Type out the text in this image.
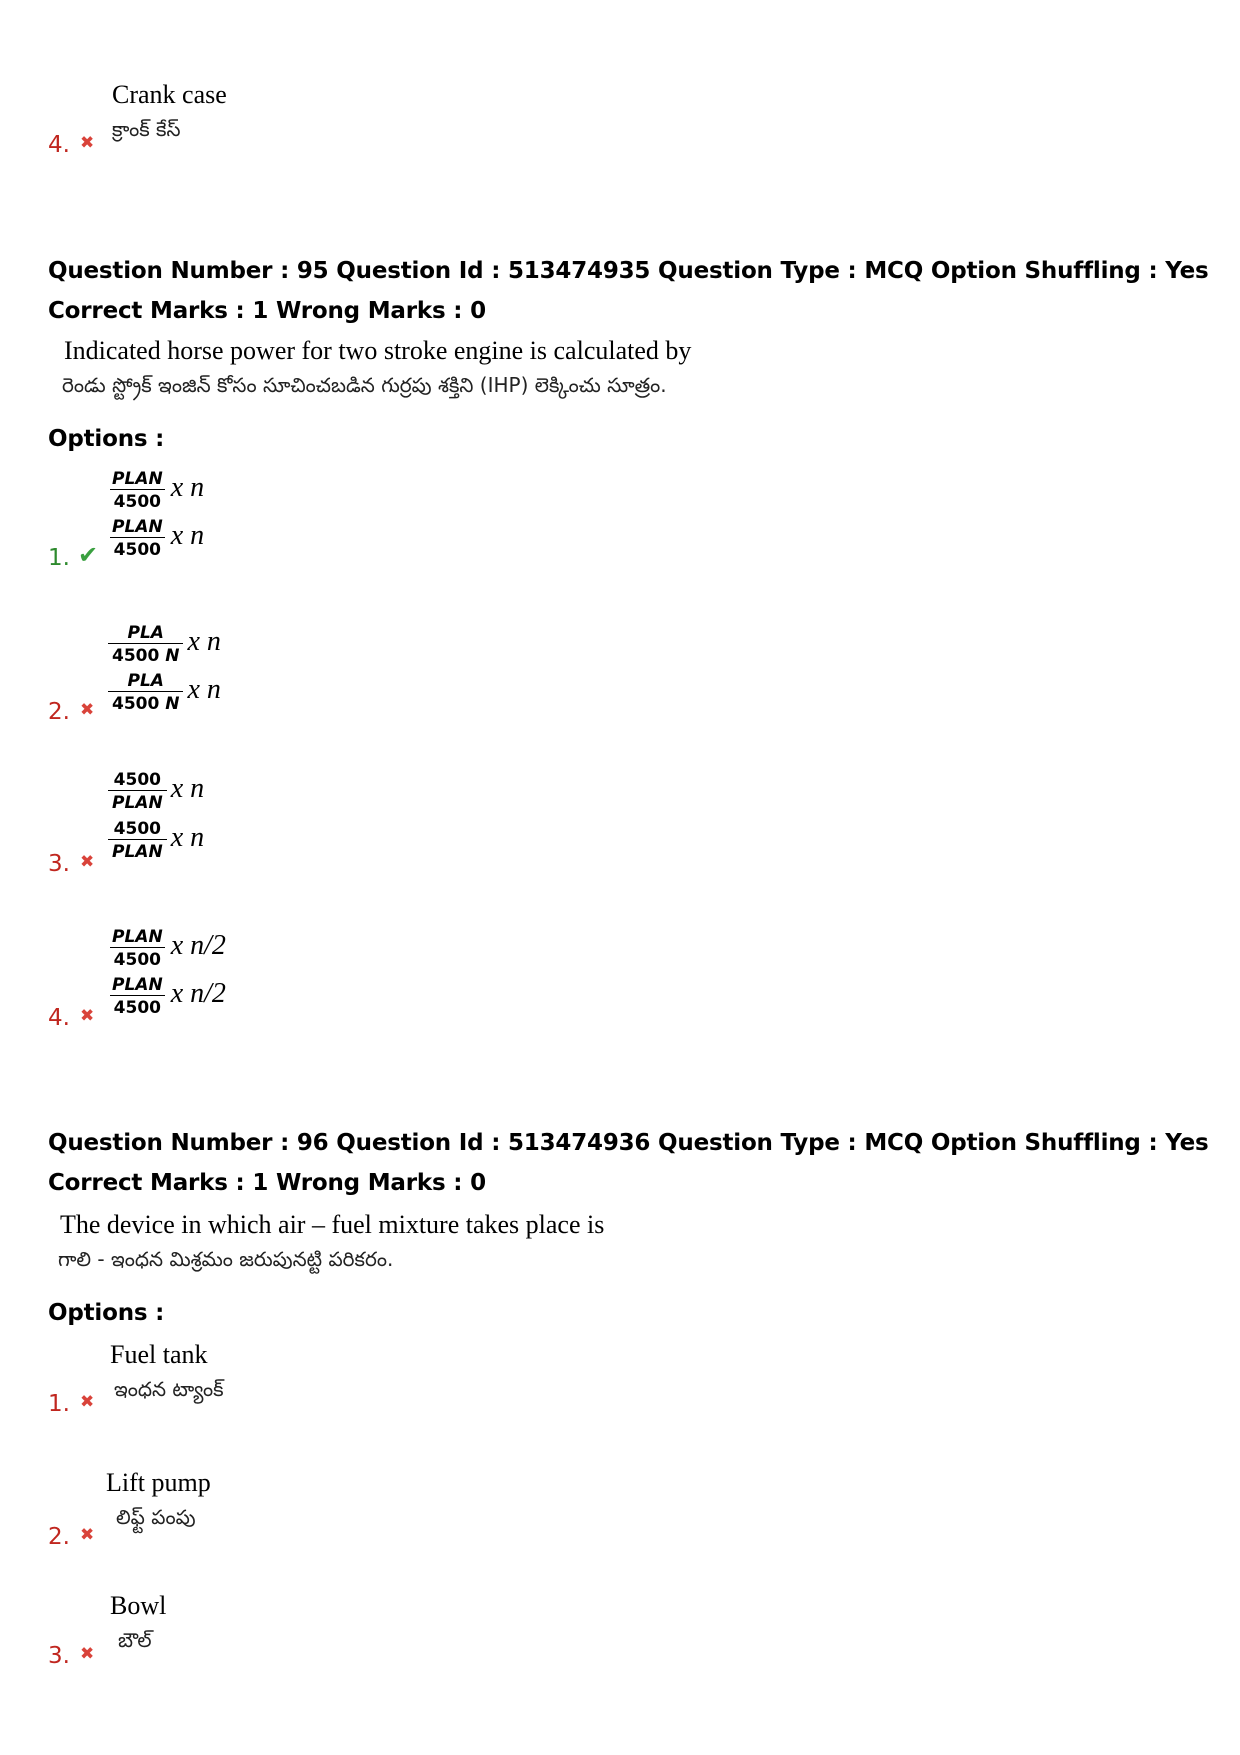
Crank case
క్రాంక్ కేస్
4. ✖
Question Number : 95 Question Id : 513474935 Question Type : MCQ Option Shuffling : Yes
Correct Marks : 1 Wrong Marks : 0
Indicated horse power for two stroke engine is calculated by
రెండు స్ట్రోక్ ఇంజిన్ కోసం సూచించబడిన గుర్రపు శక్తిని (IHP) లెక్కించు సూత్రం.
Options :
$\frac{\text{PLAN}}{4500}$ x n
$\frac{\text{PLAN}}{4500}$ x n
1. ✔
$\frac{\text{PLA}}{4500 N}$ x n
$\frac{\text{PLA}}{4500 N}$ x n
2. ✖
$\frac{4500}{\text{PLAN}}$ x n
$\frac{4500}{\text{PLAN}}$ x n
3. ✖
$\frac{\text{PLAN}}{4500}$ x n/2
$\frac{\text{PLAN}}{4500}$ x n/2
4. ✖
Question Number : 96 Question Id : 513474936 Question Type : MCQ Option Shuffling : Yes
Correct Marks : 1 Wrong Marks : 0
The device in which air – fuel mixture takes place is
గాలి - ఇంధన మిశ్రమం జరుపునట్టి పరికరం.
Options :
Fuel tank
ఇంధన ట్యాంక్
1. ✖
Lift pump
లిఫ్ట్ పంపు
2. ✖
Bowl
బౌల్
3. ✖
